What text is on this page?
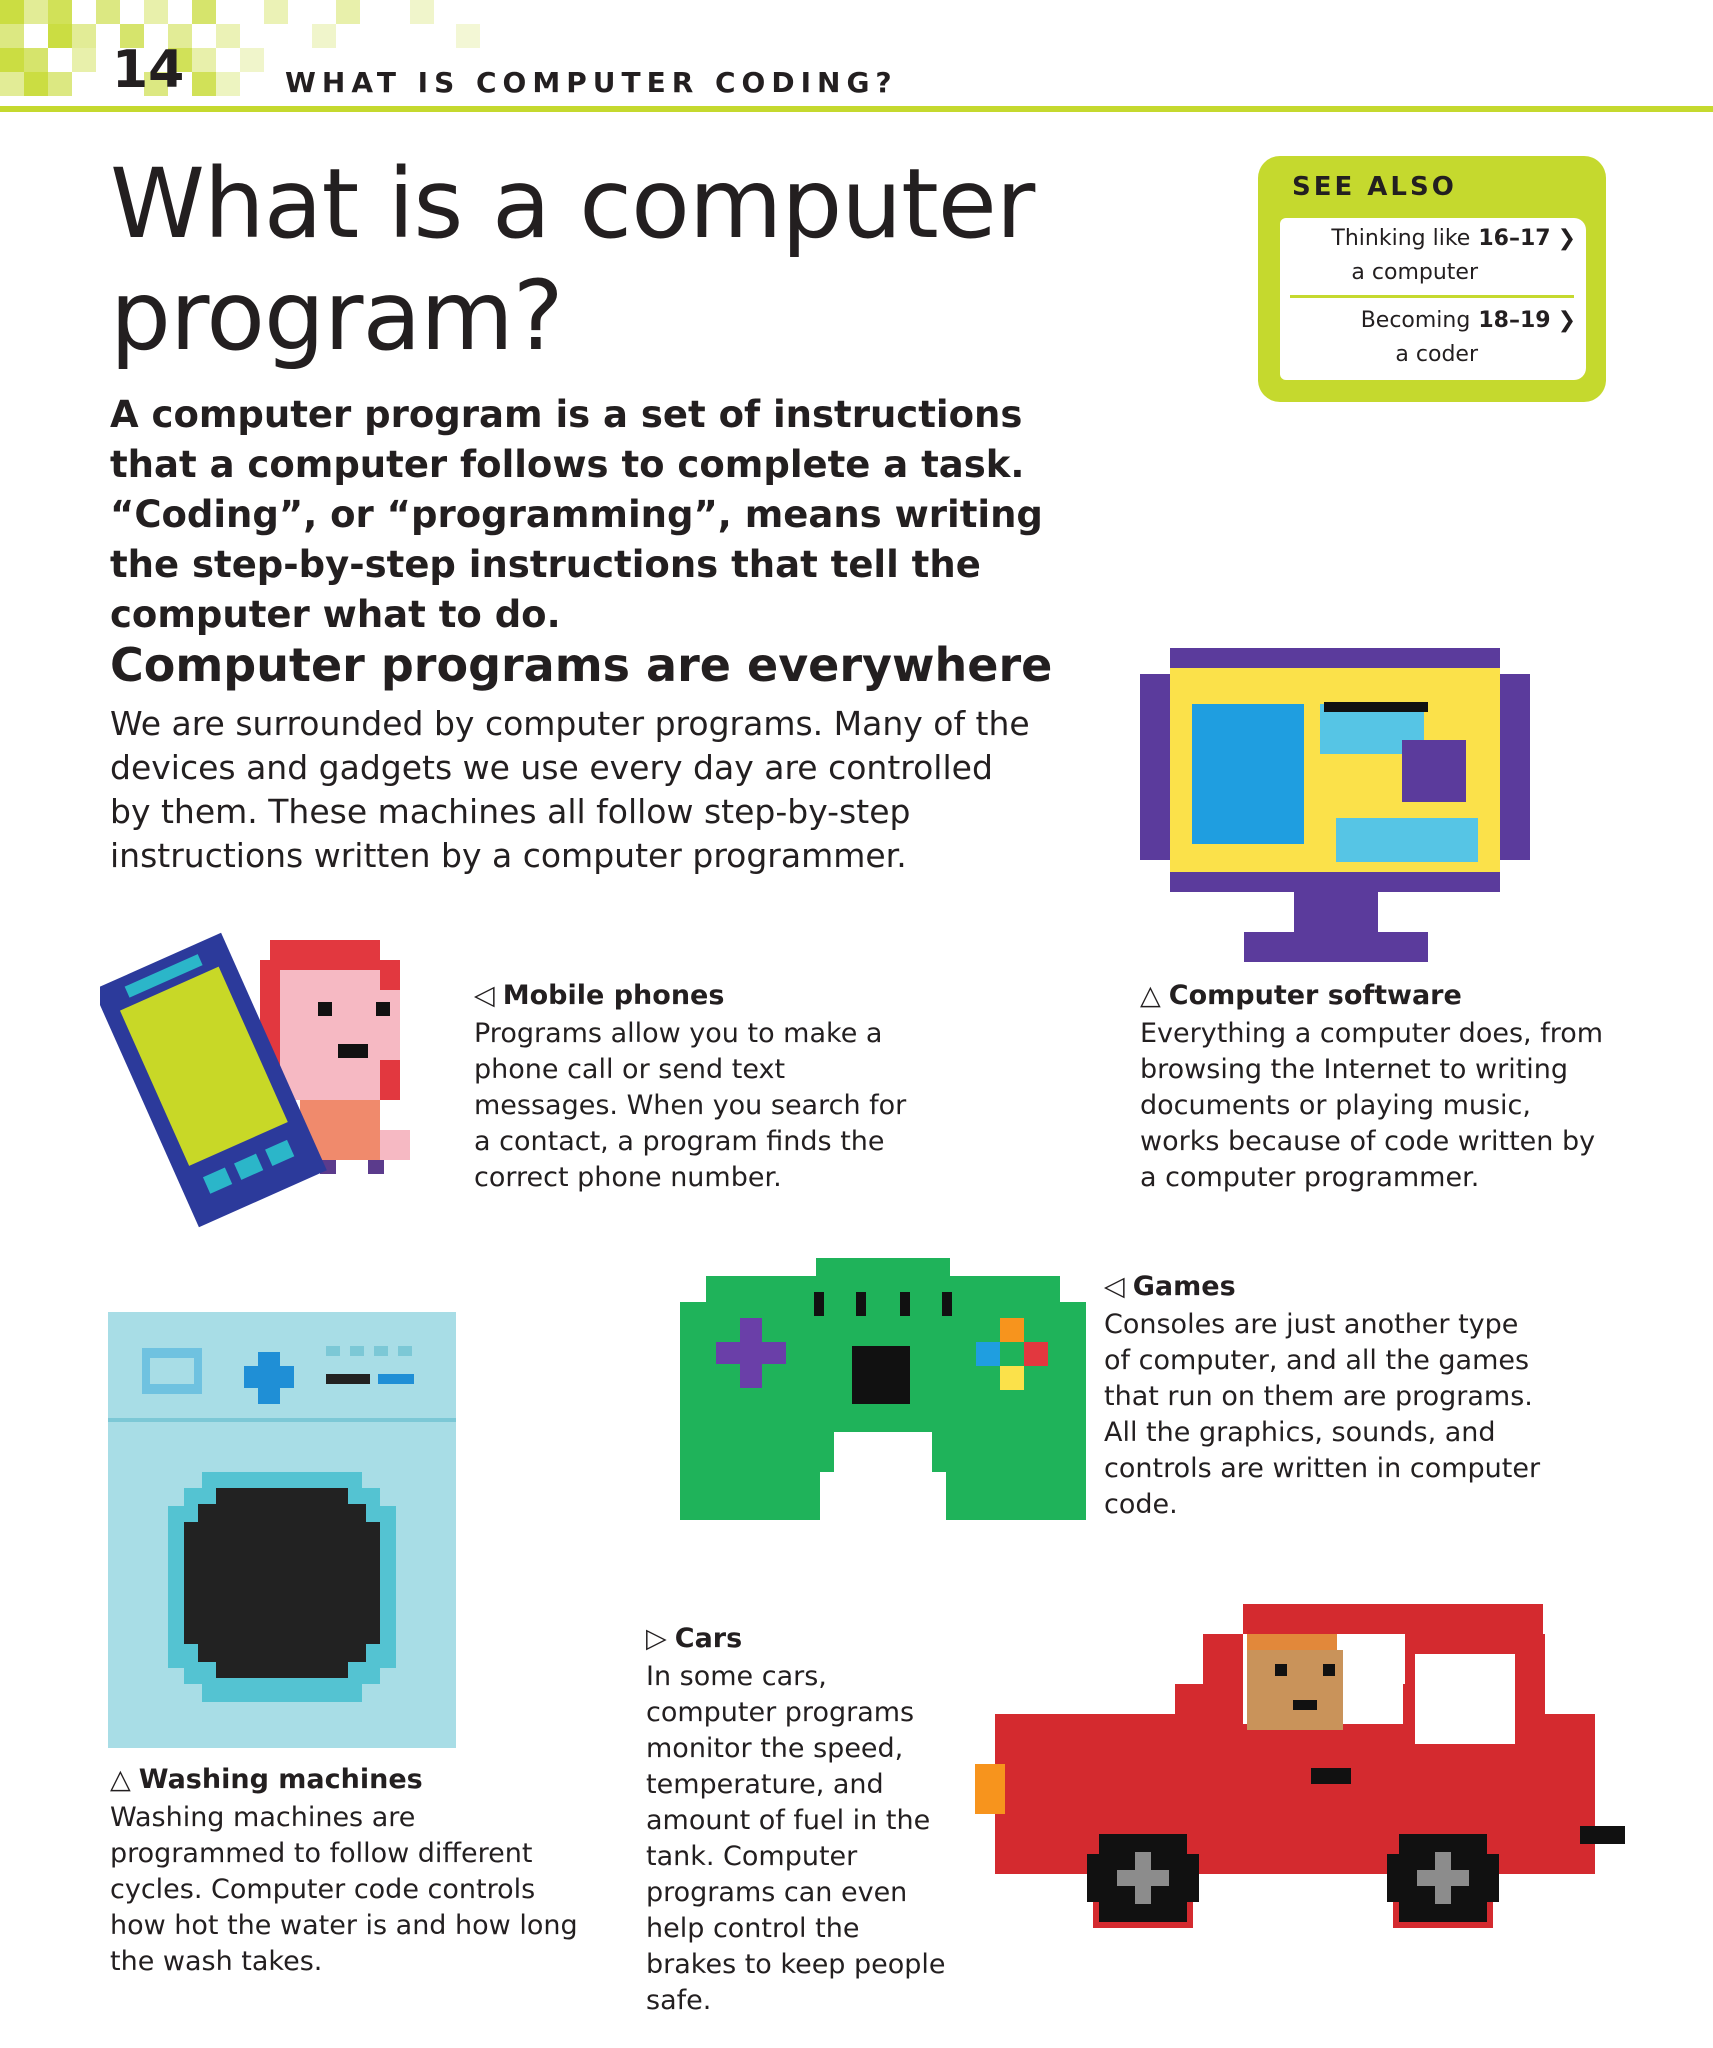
14	WHAT IS COMPUTER CODING?
What is a computer program?
A computer program is a set of instructions that a computer follows to complete a task. “Coding”, or “programming”, means writing the step-by-step instructions that tell the computer what to do.
SEE ALSO
Thinking like 16–17 ❯
a computer
Becoming 18–19 ❯
a coder
Computer programs are everywhere
We are surrounded by computer programs. Many of the devices and gadgets we use every day are controlled by them. These machines all follow step-by-step instructions written by a computer programmer.
◁ Mobile phones
Programs allow you to make a phone call or send text messages. When you search for a contact, a program finds the correct phone number.
△ Computer software
Everything a computer does, from browsing the Internet to writing documents or playing music, works because of code written by a computer programmer.
◁ Games
Consoles are just another type of computer, and all the games that run on them are programs. All the graphics, sounds, and controls are written in computer code.
△ Washing machines
Washing machines are programmed to follow different cycles. Computer code controls how hot the water is and how long the wash takes.
▷ Cars
In some cars, computer programs monitor the speed, temperature, and amount of fuel in the tank. Computer programs can even help control the brakes to keep people safe.
